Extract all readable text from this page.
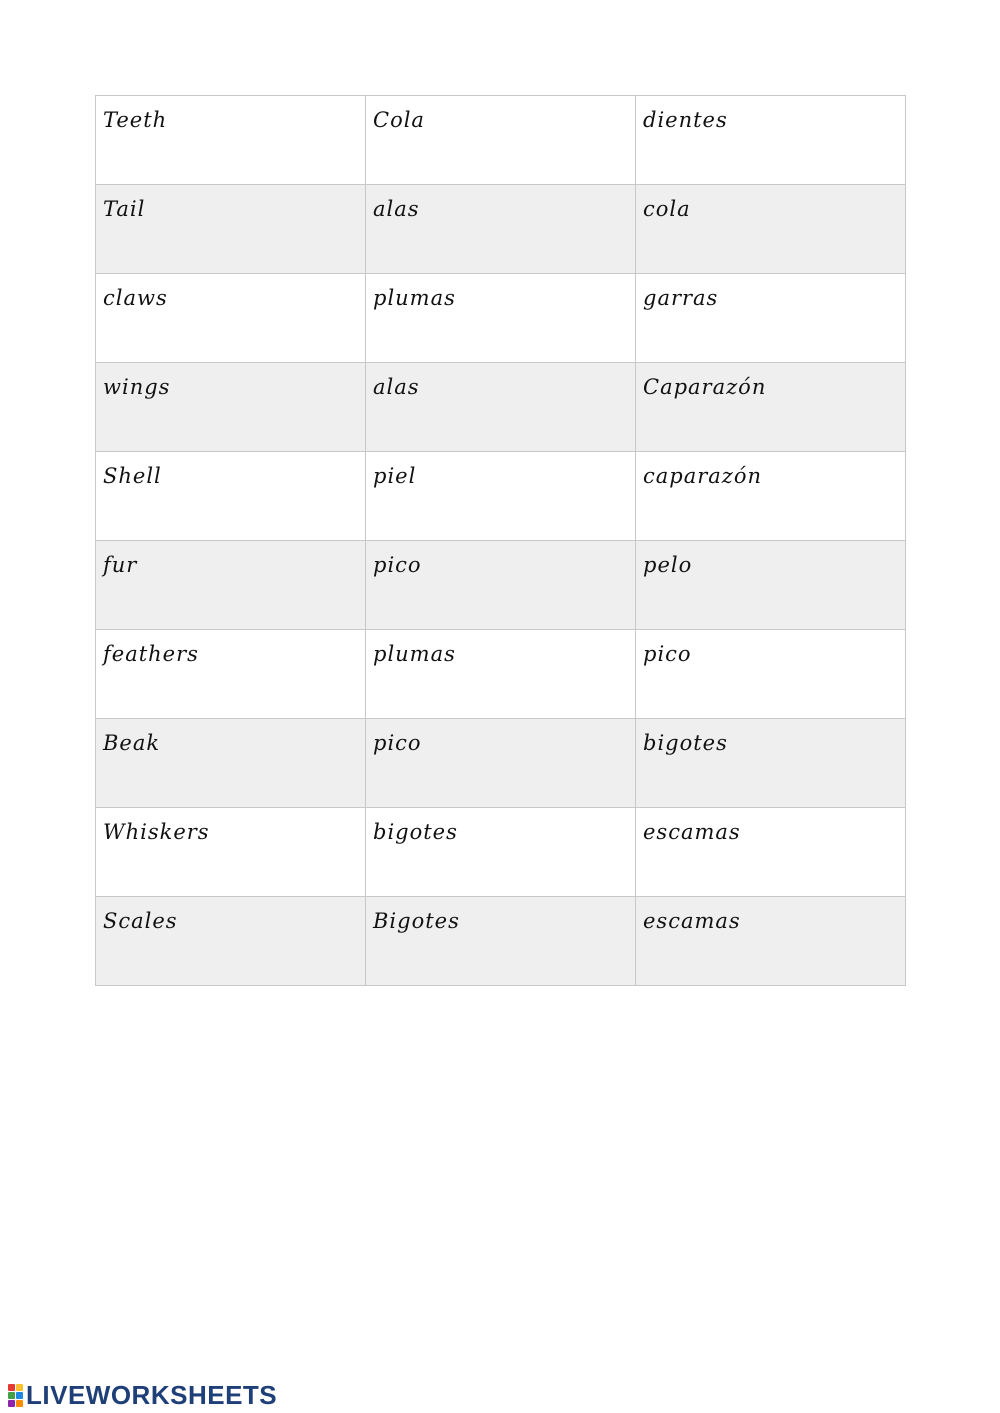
Teeth	Cola	dientes
Tail	alas	cola
claws	plumas	garras
wings	alas	Caparazón
Shell	piel	caparazón
fur	pico	pelo
feathers	plumas	pico
Beak	pico	bigotes
Whiskers	bigotes	escamas
Scales	Bigotes	escamas
LIVEWORKSHEETS
